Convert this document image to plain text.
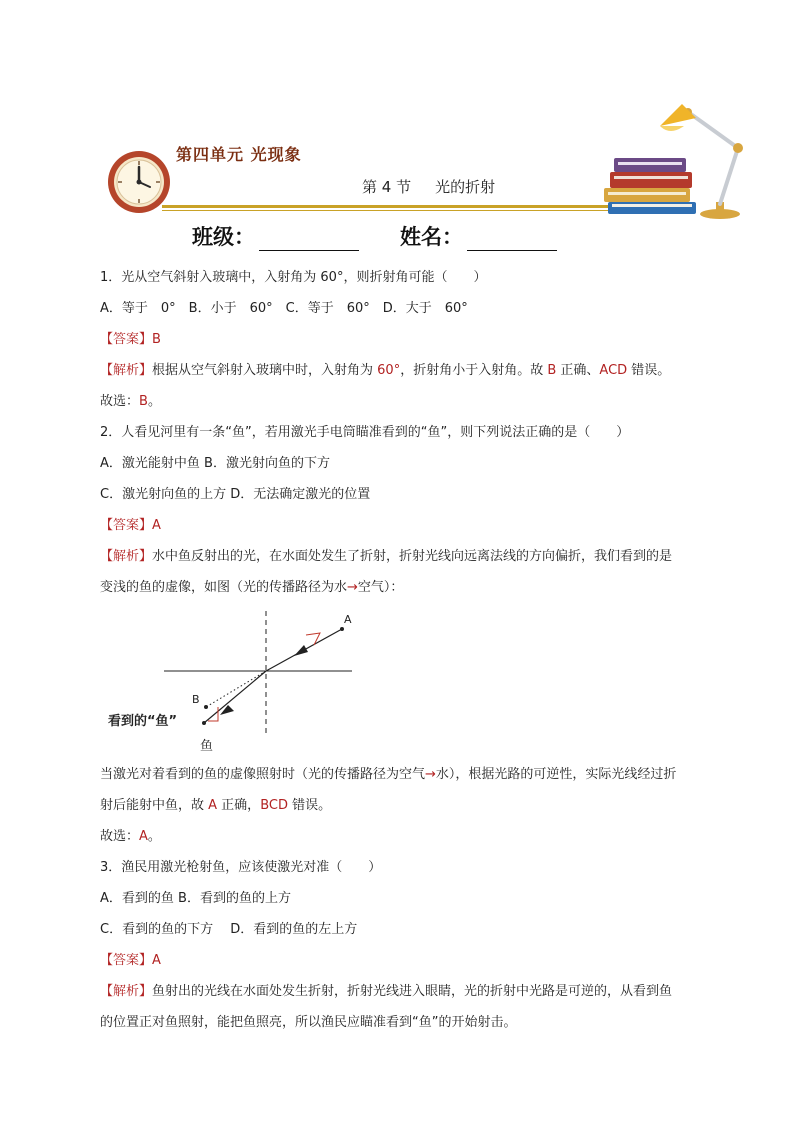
第四单元 光现象
第 4 节 光的折射
班级：	姓名：

1．光从空气斜射入玻璃中，入射角为 60°，则折射角可能（　　）

A．等于　0°　B．小于　60°　C．等于　60°　D．大于　60°

【答案】B

【解析】根据从空气斜射入玻璃中时，入射角为 60°，折射角小于入射角。故 B 正确、ACD 错误。

故选：B。

2．人看见河里有一条“鱼”，若用激光手电筒瞄准看到的“鱼”，则下列说法正确的是（　　）

A．激光能射中鱼 B．激光射向鱼的下方

C．激光射向鱼的上方 D．无法确定激光的位置

【答案】A

【解析】水中鱼反射出的光，在水面处发生了折射，折射光线向远离法线的方向偏折，我们看到的是

变浅的鱼的虚像，如图（光的传播路径为水→空气）：

A
B
看到的“鱼”
鱼

当激光对着看到的鱼的虚像照射时（光的传播路径为空气→水），根据光路的可逆性，实际光线经过折

射后能射中鱼，故 A 正确，BCD 错误。

故选：A。

3．渔民用激光枪射鱼，应该使激光对准（　　）

A．看到的鱼 B．看到的鱼的上方

C．看到的鱼的下方　 D．看到的鱼的左上方

【答案】A

【解析】鱼射出的光线在水面处发生折射，折射光线进入眼睛，光的折射中光路是可逆的，从看到鱼

的位置正对鱼照射，能把鱼照亮，所以渔民应瞄准看到“鱼”的开始射击。
